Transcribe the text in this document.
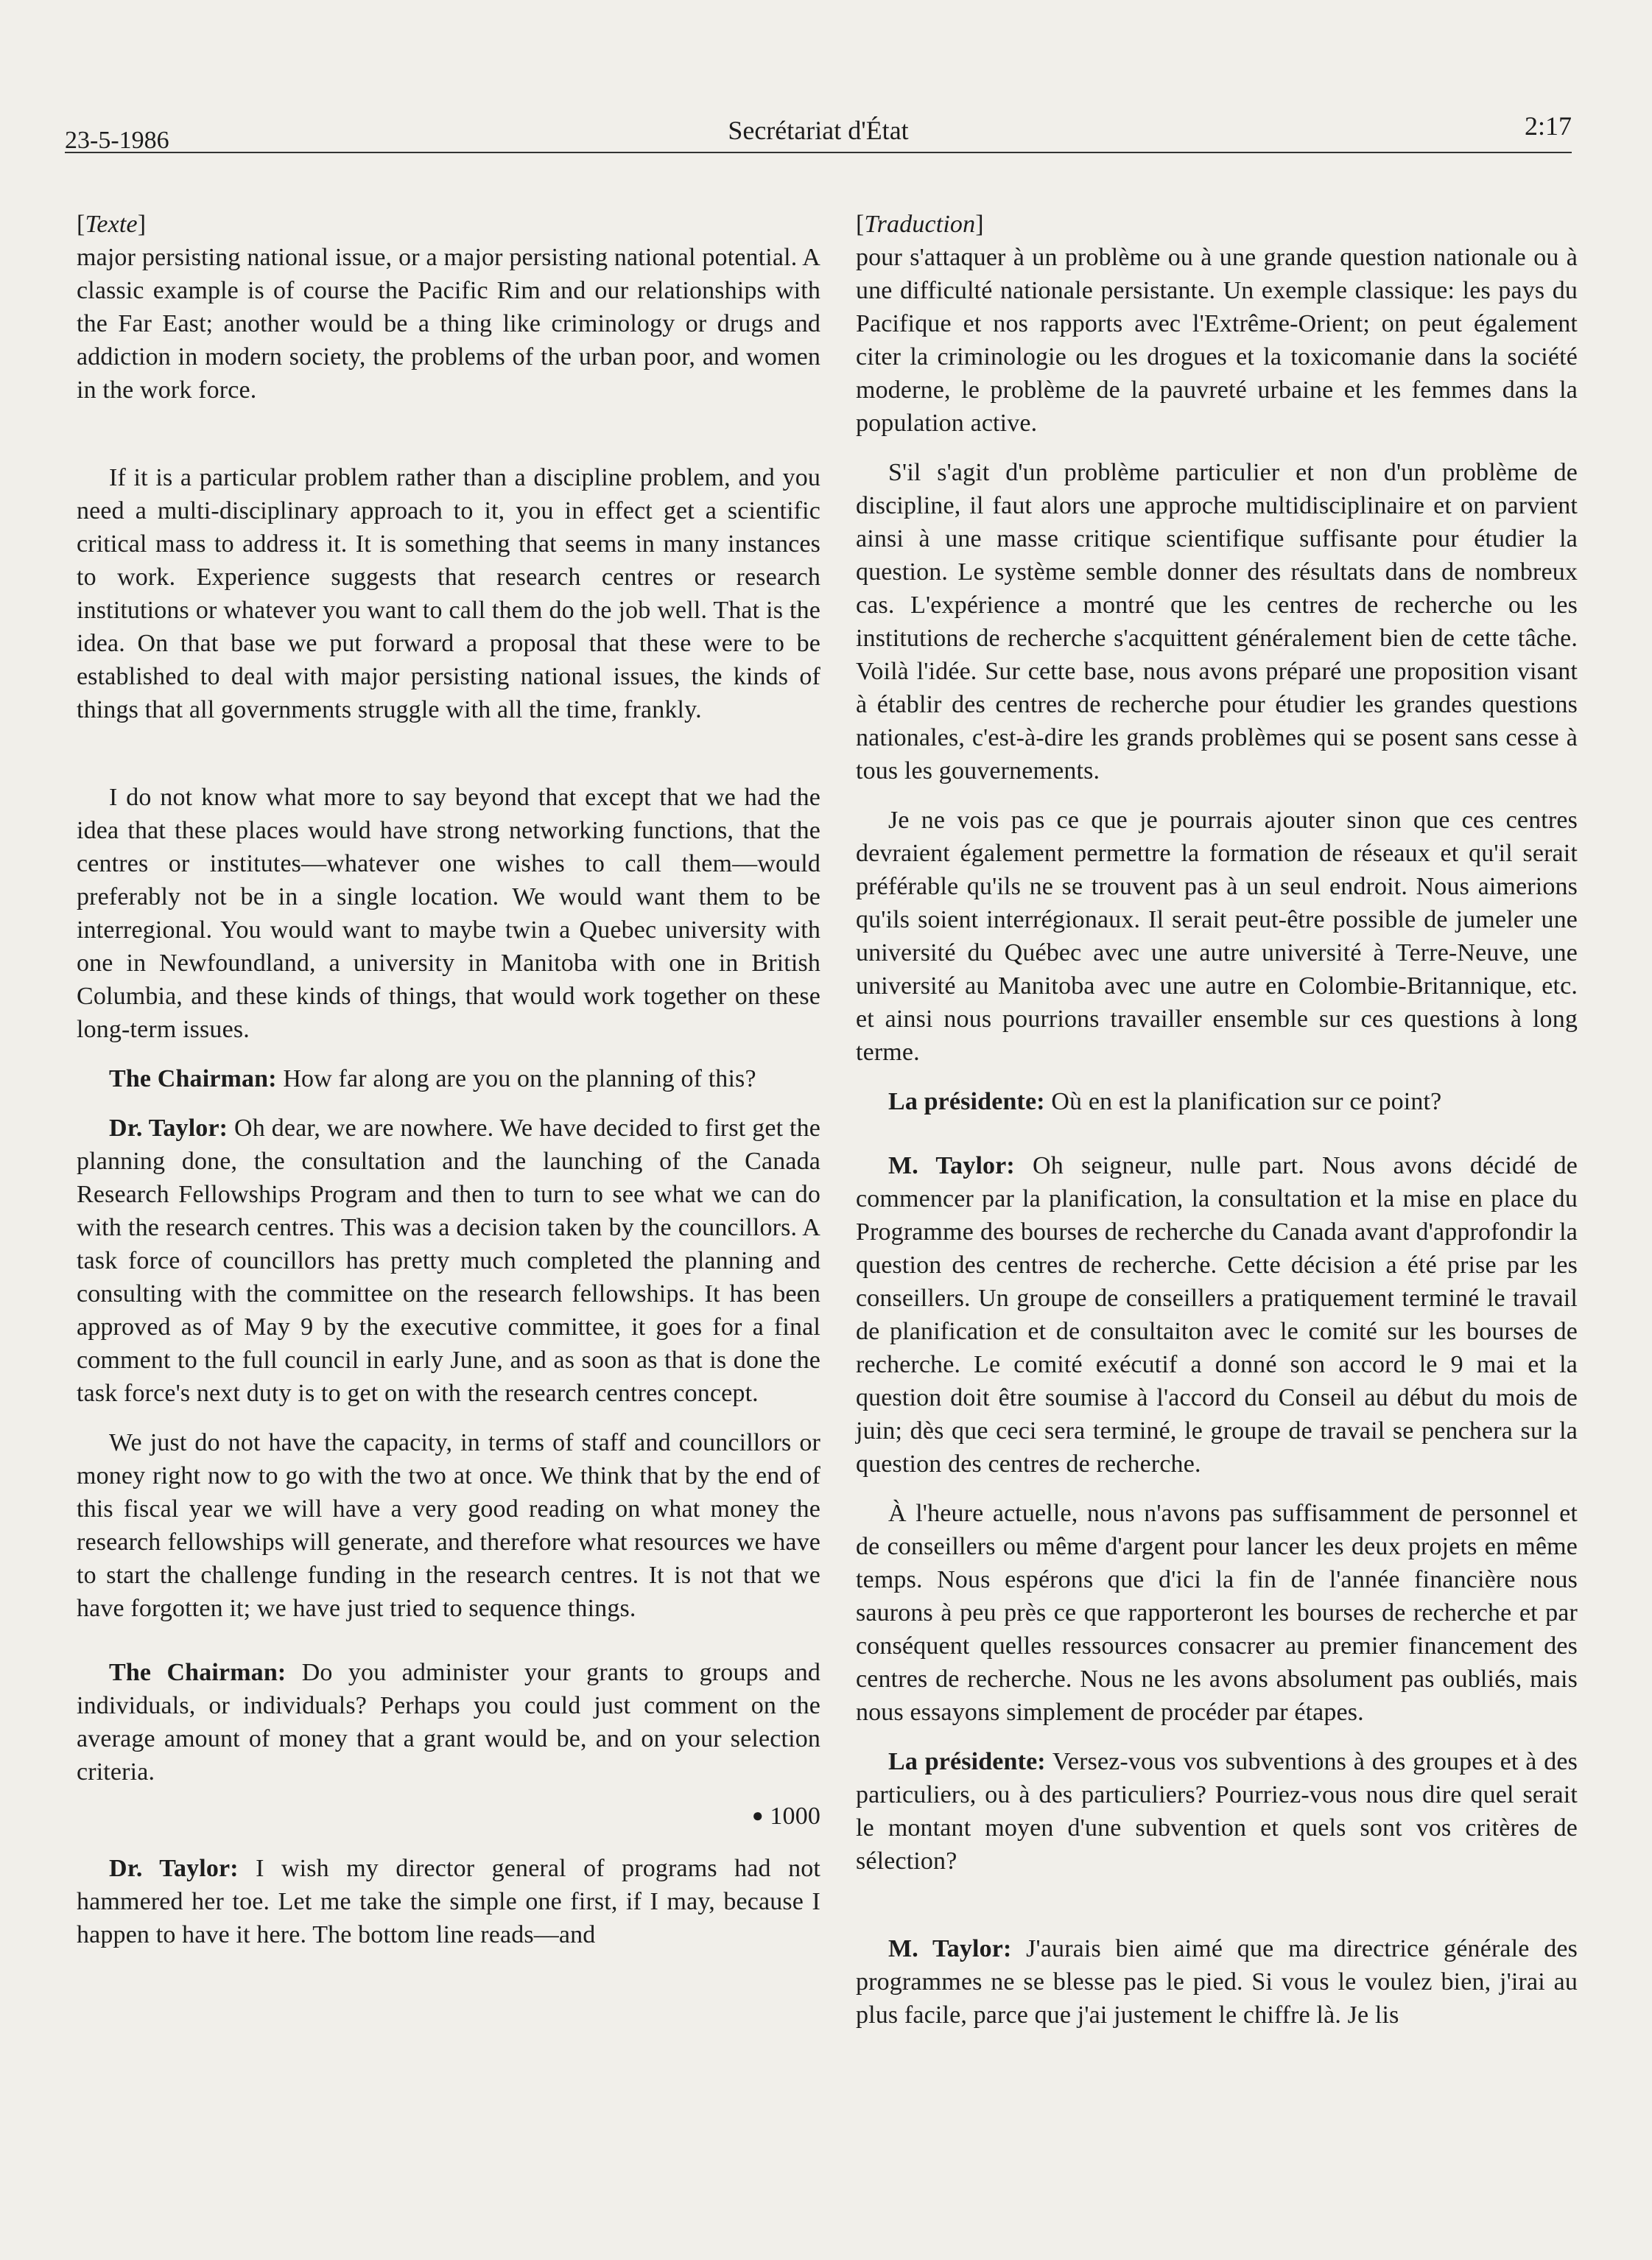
23-5-1986	Secrétariat d'État	2:17

[Texte]

major persisting national issue, or a major persisting national potential. A classic example is of course the Pacific Rim and our relationships with the Far East; another would be a thing like criminology or drugs and addiction in modern society, the problems of the urban poor, and women in the work force.

If it is a particular problem rather than a discipline problem, and you need a multi-disciplinary approach to it, you in effect get a scientific critical mass to address it. It is something that seems in many instances to work. Experience suggests that research centres or research institutions or whatever you want to call them do the job well. That is the idea. On that base we put forward a proposal that these were to be established to deal with major persisting national issues, the kinds of things that all governments struggle with all the time, frankly.

I do not know what more to say beyond that except that we had the idea that these places would have strong networking functions, that the centres or institutes—whatever one wishes to call them—would preferably not be in a single location. We would want them to be interregional. You would want to maybe twin a Quebec university with one in Newfoundland, a university in Manitoba with one in British Columbia, and these kinds of things, that would work together on these long-term issues.

The Chairman: How far along are you on the planning of this?

Dr. Taylor: Oh dear, we are nowhere. We have decided to first get the planning done, the consultation and the launching of the Canada Research Fellowships Program and then to turn to see what we can do with the research centres. This was a decision taken by the councillors. A task force of councillors has pretty much completed the planning and consulting with the committee on the research fellowships. It has been approved as of May 9 by the executive committee, it goes for a final comment to the full council in early June, and as soon as that is done the task force's next duty is to get on with the research centres concept.

We just do not have the capacity, in terms of staff and councillors or money right now to go with the two at once. We think that by the end of this fiscal year we will have a very good reading on what money the research fellowships will generate, and therefore what resources we have to start the challenge funding in the research centres. It is not that we have forgotten it; we have just tried to sequence things.

The Chairman: Do you administer your grants to groups and individuals, or individuals? Perhaps you could just comment on the average amount of money that a grant would be, and on your selection criteria.

● 1000

Dr. Taylor: I wish my director general of programs had not hammered her toe. Let me take the simple one first, if I may, because I happen to have it here. The bottom line reads—and

[Traduction]

pour s'attaquer à un problème ou à une grande question nationale ou à une difficulté nationale persistante. Un exemple classique: les pays du Pacifique et nos rapports avec l'Extrême-Orient; on peut également citer la criminologie ou les drogues et la toxicomanie dans la société moderne, le problème de la pauvreté urbaine et les femmes dans la population active.

S'il s'agit d'un problème particulier et non d'un problème de discipline, il faut alors une approche multidisciplinaire et on parvient ainsi à une masse critique scientifique suffisante pour étudier la question. Le système semble donner des résultats dans de nombreux cas. L'expérience a montré que les centres de recherche ou les institutions de recherche s'acquittent généralement bien de cette tâche. Voilà l'idée. Sur cette base, nous avons préparé une proposition visant à établir des centres de recherche pour étudier les grandes questions nationales, c'est-à-dire les grands problèmes qui se posent sans cesse à tous les gouvernements.

Je ne vois pas ce que je pourrais ajouter sinon que ces centres devraient également permettre la formation de réseaux et qu'il serait préférable qu'ils ne se trouvent pas à un seul endroit. Nous aimerions qu'ils soient interrégionaux. Il serait peut-être possible de jumeler une université du Québec avec une autre université à Terre-Neuve, une université au Manitoba avec une autre en Colombie-Britannique, etc. et ainsi nous pourrions travailler ensemble sur ces questions à long terme.

La présidente: Où en est la planification sur ce point?

M. Taylor: Oh seigneur, nulle part. Nous avons décidé de commencer par la planification, la consultation et la mise en place du Programme des bourses de recherche du Canada avant d'approfondir la question des centres de recherche. Cette décision a été prise par les conseillers. Un groupe de conseillers a pratiquement terminé le travail de planification et de consultaiton avec le comité sur les bourses de recherche. Le comité exécutif a donné son accord le 9 mai et la question doit être soumise à l'accord du Conseil au début du mois de juin; dès que ceci sera terminé, le groupe de travail se penchera sur la question des centres de recherche.

À l'heure actuelle, nous n'avons pas suffisamment de personnel et de conseillers ou même d'argent pour lancer les deux projets en même temps. Nous espérons que d'ici la fin de l'année financière nous saurons à peu près ce que rapporteront les bourses de recherche et par conséquent quelles ressources consacrer au premier financement des centres de recherche. Nous ne les avons absolument pas oubliés, mais nous essayons simplement de procéder par étapes.

La présidente: Versez-vous vos subventions à des groupes et à des particuliers, ou à des particuliers? Pourriez-vous nous dire quel serait le montant moyen d'une subvention et quels sont vos critères de sélection?

M. Taylor: J'aurais bien aimé que ma directrice générale des programmes ne se blesse pas le pied. Si vous le voulez bien, j'irai au plus facile, parce que j'ai justement le chiffre là. Je lis
